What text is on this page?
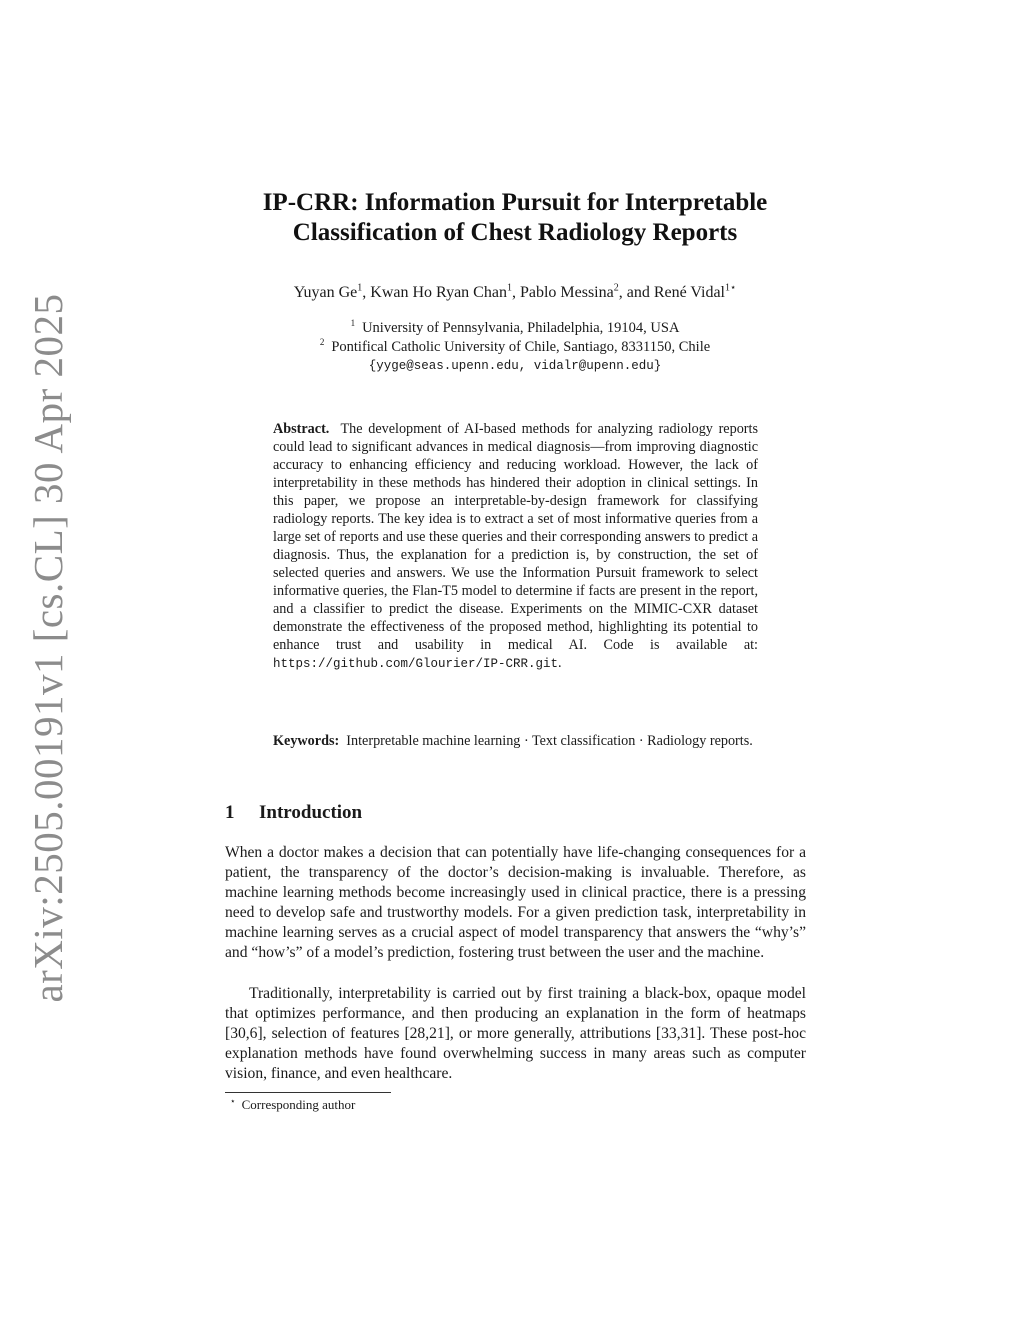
arXiv:2505.00191v1 [cs.CL] 30 Apr 2025
IP-CRR: Information Pursuit for Interpretable
Classification of Chest Radiology Reports
Yuyan Ge$^1$, Kwan Ho Ryan Chan$^1$, Pablo Messina$^2$, and René Vidal$^{1⋆}$
$^1$ University of Pennsylvania, Philadelphia, 19104, USA
$^2$ Pontifical Catholic University of Chile, Santiago, 8331150, Chile
{yyge@seas.upenn.edu, vidalr@upenn.edu}
Abstract. The development of AI-based methods for analyzing radiology reports could lead to significant advances in medical diagnosis—from improving diagnostic accuracy to enhancing efficiency and reducing workload. However, the lack of interpretability in these methods has hindered their adoption in clinical settings. In this paper, we propose an interpretable-by-design framework for classifying radiology reports. The key idea is to extract a set of most informative queries from a large set of reports and use these queries and their corresponding answers to predict a diagnosis. Thus, the explanation for a prediction is, by construction, the set of selected queries and answers. We use the Information Pursuit framework to select informative queries, the Flan-T5 model to determine if facts are present in the report, and a classifier to predict the disease. Experiments on the MIMIC-CXR dataset demonstrate the effectiveness of the proposed method, highlighting its potential to enhance trust and usability in medical AI. Code is available at: https://github.com/Glourier/IP-CRR.git.
Keywords: Interpretable machine learning · Text classification · Radiology reports.
1 Introduction

When a doctor makes a decision that can potentially have life-changing consequences for a patient, the transparency of the doctor’s decision-making is invaluable. Therefore, as machine learning methods become increasingly used in clinical practice, there is a pressing need to develop safe and trustworthy models. For a given prediction task, interpretability in machine learning serves as a crucial aspect of model transparency that answers the “why’s” and “how’s” of a model’s prediction, fostering trust between the user and the machine.

Traditionally, interpretability is carried out by first training a black-box, opaque model that optimizes performance, and then producing an explanation in the form of heatmaps [30,6], selection of features [28,21], or more generally, attributions [33,31]. These post-hoc explanation methods have found overwhelming success in many areas such as computer vision, finance, and even healthcare.

⋆ Corresponding author
